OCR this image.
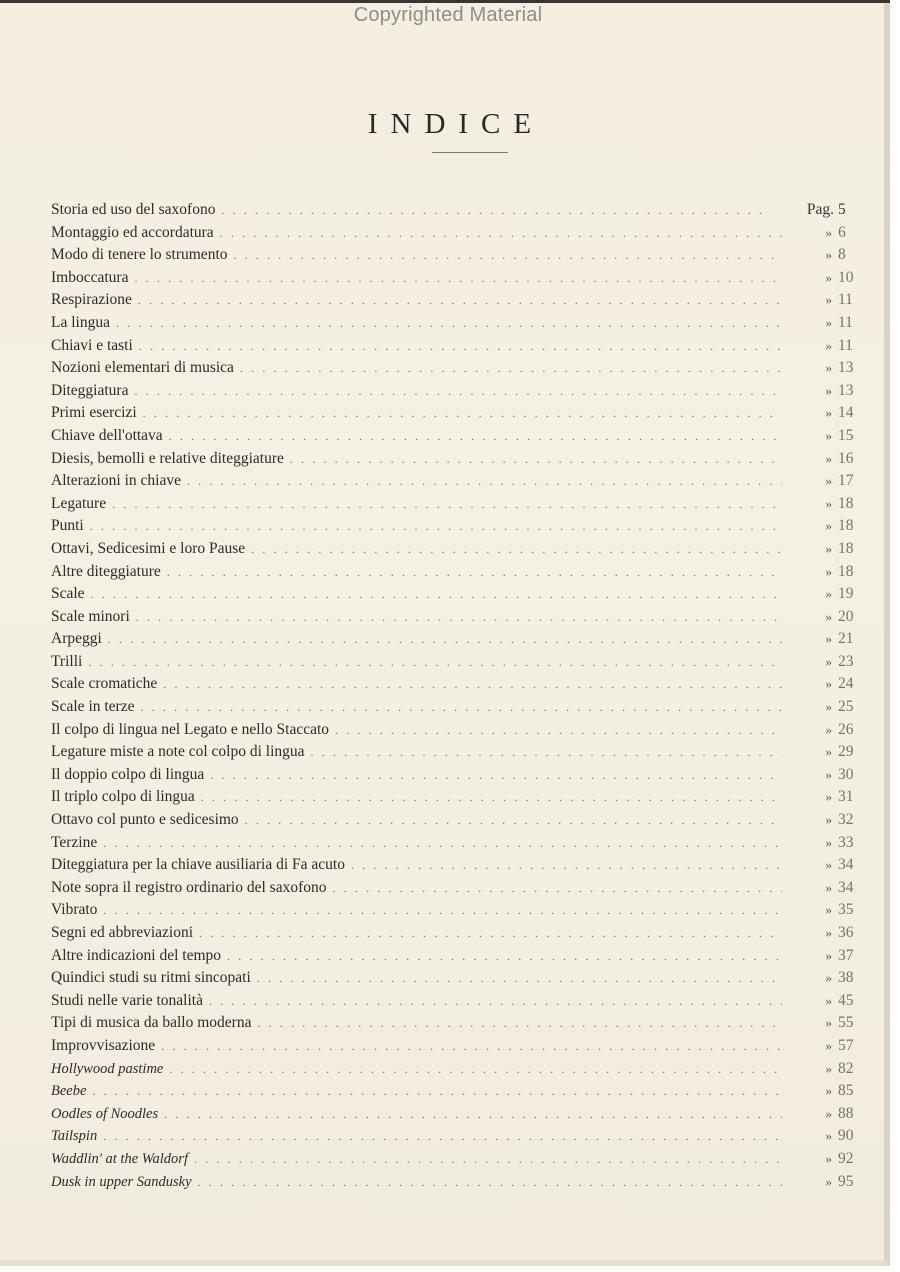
Copyrighted Material
INDICE
Storia ed uso del saxofono . . .	Pag. 5
Montaggio ed accordatura . . .	» 6
Modo di tenere lo strumento . . .	» 8
Imboccatura . . .	» 10
Respirazione . . .	» 11
La lingua . . .	» 11
Chiavi e tasti . . .	» 11
Nozioni elementari di musica . . .	» 13
Diteggiatura . . .	» 13
Primi esercizi . . .	» 14
Chiave dell'ottava . . .	» 15
Diesis, bemolli e relative diteggiature . . .	» 16
Alterazioni in chiave . . .	» 17
Legature . . .	» 18
Punti . . .	» 18
Ottavi, Sedicesimi e loro Pause . . .	» 18
Altre diteggiature . . .	» 18
Scale . . .	» 19
Scale minori . . .	» 20
Arpeggi . . .	» 21
Trilli . . .	» 23
Scale cromatiche . . .	» 24
Scale in terze . . .	» 25
Il colpo di lingua nel Legato e nello Staccato . . .	» 26
Legature miste a note col colpo di lingua . . .	» 29
Il doppio colpo di lingua . . .	» 30
Il triplo colpo di lingua . . .	» 31
Ottavo col punto e sedicesimo . . .	» 32
Terzine . . .	» 33
Diteggiatura per la chiave ausiliaria di Fa acuto . . .	» 34
Note sopra il registro ordinario del saxofono . . .	» 34
Vibrato . . .	» 35
Segni ed abbreviazioni . . .	» 36
Altre indicazioni del tempo . . .	» 37
Quindici studi su ritmi sincopati . . .	» 38
Studi nelle varie tonalità . . .	» 45
Tipi di musica da ballo moderna . . .	» 55
Improvvisazione . . .	» 57
Hollywood pastime . . .	» 82
Beebe . . .	» 85
Oodles of Noodles . . .	» 88
Tailspin . . .	» 90
Waddlin' at the Waldorf . . .	» 92
Dusk in upper Sandusky . . .	» 95
